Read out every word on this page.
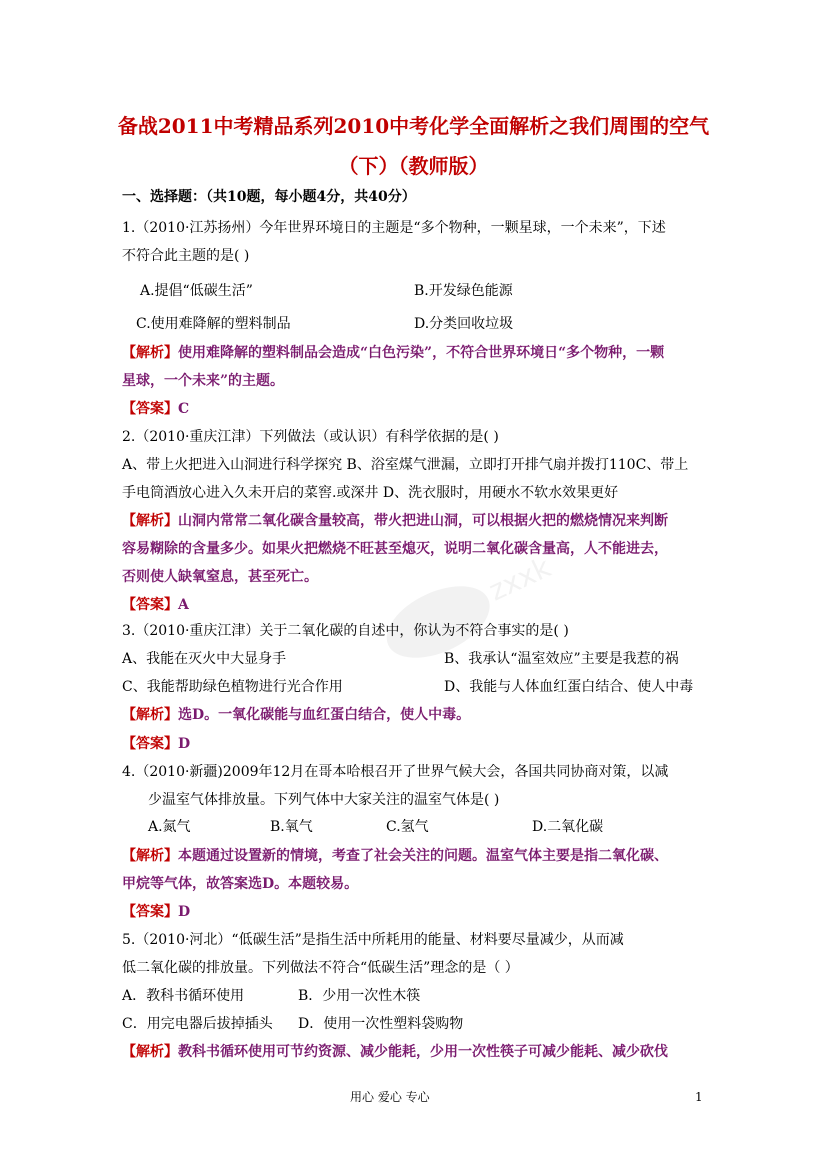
zxxk
备战2011中考精品系列2010中考化学全面解析之我们周围的空气
（下）（教师版）
一、选择题：（共10题，每小题4分，共40分）
1.（2010·江苏扬州）今年世界环境日的主题是“多个物种，一颗星球，一个未来”，下述
不符合此主题的是( )
A.提倡“低碳生活”	B.开发绿色能源
C.使用难降解的塑料制品	D.分类回收垃圾
【解析】使用难降解的塑料制品会造成“白色污染”，不符合世界环境日“多个物种，一颗
星球，一个未来”的主题。
【答案】C
2.（2010·重庆江津）下列做法（或认识）有科学依据的是( )
A、带上火把进入山洞进行科学探究 B、浴室煤气泄漏，立即打开排气扇并拨打110C、带上
手电筒酒放心进入久未开启的菜窖.或深井 D、洗衣服时，用硬水不软水效果更好
【解析】山洞内常常二氧化碳含量较高，带火把进山洞，可以根据火把的燃烧情况来判断
容易糊除的含量多少。如果火把燃烧不旺甚至熄灭，说明二氧化碳含量高，人不能进去，
否则使人缺氧窒息，甚至死亡。
【答案】A
3.（2010·重庆江津）关于二氧化碳的自述中，你认为不符合事实的是( )
A、我能在灭火中大显身手	B、我承认“温室效应”主要是我惹的祸
C、我能帮助绿色植物进行光合作用	D、我能与人体血红蛋白结合、使人中毒
【解析】选D。一氧化碳能与血红蛋白结合，使人中毒。
【答案】D
4.（2010·新疆)2009年12月在哥本哈根召开了世界气候大会，各国共同协商对策，以减
少温室气体排放量。下列气体中大家关注的温室气体是( )
A.氮气	B.氧气	C.氢气	D.二氧化碳
【解析】本题通过设置新的情境，考查了社会关注的问题。温室气体主要是指二氧化碳、
甲烷等气体，故答案选D。本题较易。
【答案】D
5.（2010·河北）“低碳生活”是指生活中所耗用的能量、材料要尽量减少，从而减
低二氧化碳的排放量。下列做法不符合“低碳生活”理念的是（ ）
A．教科书循环使用	B．少用一次性木筷
C．用完电器后拔掉插头 D．使用一次性塑料袋购物
【解析】教科书循环使用可节约资源、减少能耗，少用一次性筷子可减少能耗、减少砍伐
用心 爱心 专心	1
